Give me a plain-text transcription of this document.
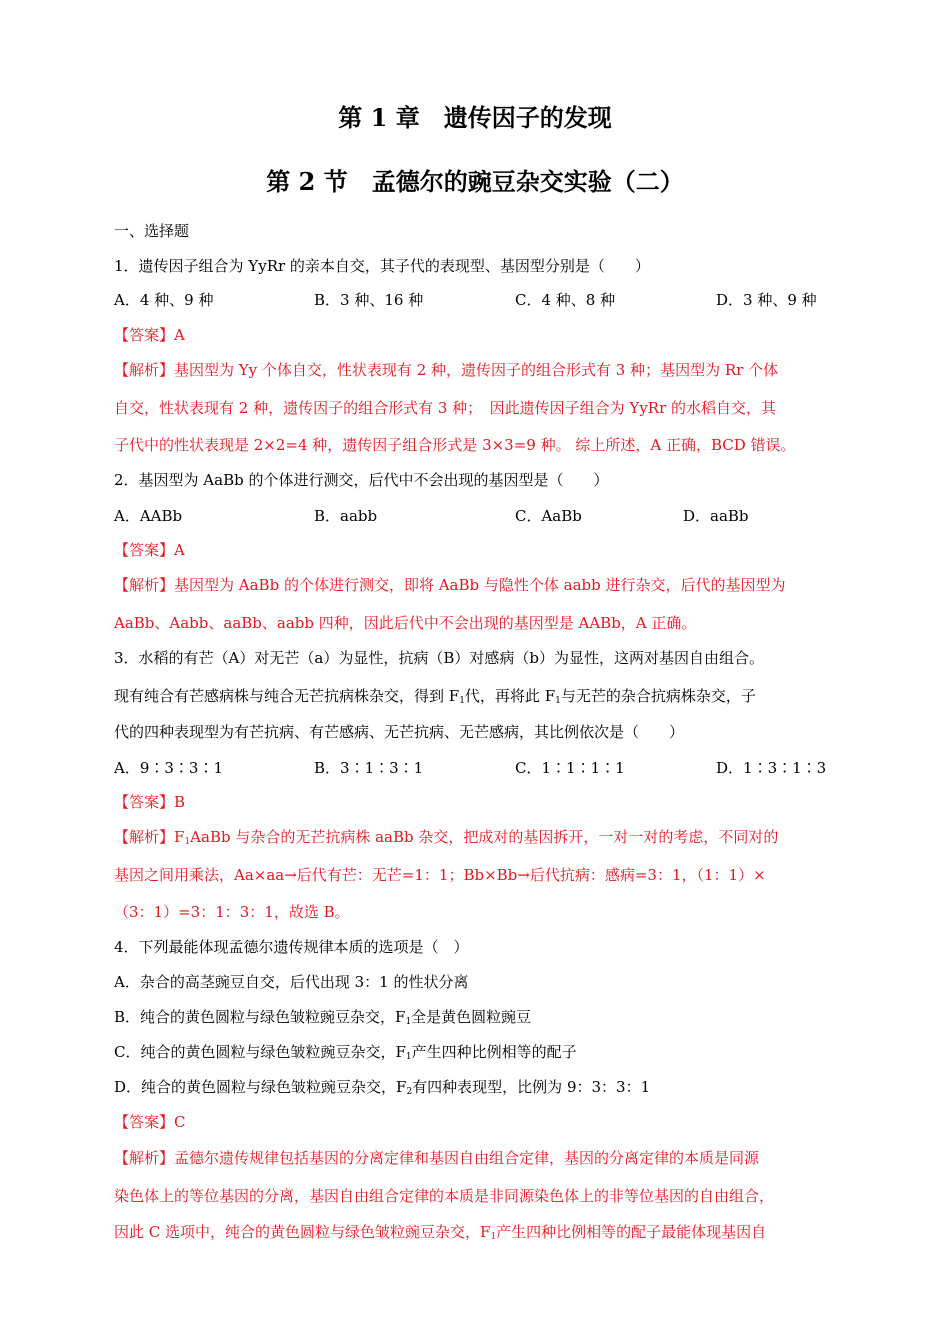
第 1 章　遗传因子的发现
第 2 节　孟德尔的豌豆杂交实验（二）
一、选择题
1．遗传因子组合为 YyRr 的亲本自交，其子代的表现型、基因型分别是（　　）
A．4 种、9 种	B．3 种、16 种	C．4 种、8 种	D．3 种、9 种
【答案】A
【解析】基因型为 Yy 个体自交，性状表现有 2 种，遗传因子的组合形式有 3 种；基因型为 Rr 个体
自交，性状表现有 2 种，遗传因子的组合形式有 3 种；　因此遗传因子组合为 YyRr 的水稻自交，其
子代中的性状表现是 2×2=4 种，遗传因子组合形式是 3×3=9 种。 综上所述，A 正确，BCD 错误。
2．基因型为 AaBb 的个体进行测交，后代中不会出现的基因型是（　　）
A．AABb	B．aabb	C．AaBb	D．aaBb
【答案】A
【解析】基因型为 AaBb 的个体进行测交，即将 AaBb 与隐性个体 aabb 进行杂交，后代的基因型为
AaBb、Aabb、aaBb、aabb 四种，因此后代中不会出现的基因型是 AABb，A 正确。
3．水稻的有芒（A）对无芒（a）为显性，抗病（B）对感病（b）为显性，这两对基因自由组合。
现有纯合有芒感病株与纯合无芒抗病株杂交，得到 $F_1$代，再将此 $F_1$与无芒的杂合抗病株杂交，子
代的四种表现型为有芒抗病、有芒感病、无芒抗病、无芒感病，其比例依次是（　　）
A．9∶3∶3∶1	B．3∶1∶3∶1	C．1∶1∶1∶1	D．1∶3∶1∶3
【答案】B
【解析】$F_1AaBb$ 与杂合的无芒抗病株 aaBb 杂交，把成对的基因拆开，一对一对的考虑，不同对的
基因之间用乘法，Aa×aa→后代有芒：无芒=1：1；Bb×Bb→后代抗病：感病=3：1，（1：1）×
（3：1）=3：1：3：1，故选 B。
4．下列最能体现孟德尔遗传规律本质的选项是（　）
A．杂合的高茎豌豆自交，后代出现 3：1 的性状分离
B．纯合的黄色圆粒与绿色皱粒豌豆杂交，$F_1$全是黄色圆粒豌豆
C．纯合的黄色圆粒与绿色皱粒豌豆杂交，$F_1$产生四种比例相等的配子
D．纯合的黄色圆粒与绿色皱粒豌豆杂交，$F_2$有四种表现型，比例为 9：3：3：1
【答案】C
【解析】孟德尔遗传规律包括基因的分离定律和基因自由组合定律，基因的分离定律的本质是同源
染色体上的等位基因的分离，基因自由组合定律的本质是非同源染色体上的非等位基因的自由组合，
因此 C 选项中，纯合的黄色圆粒与绿色皱粒豌豆杂交，$F_1$产生四种比例相等的配子最能体现基因自
